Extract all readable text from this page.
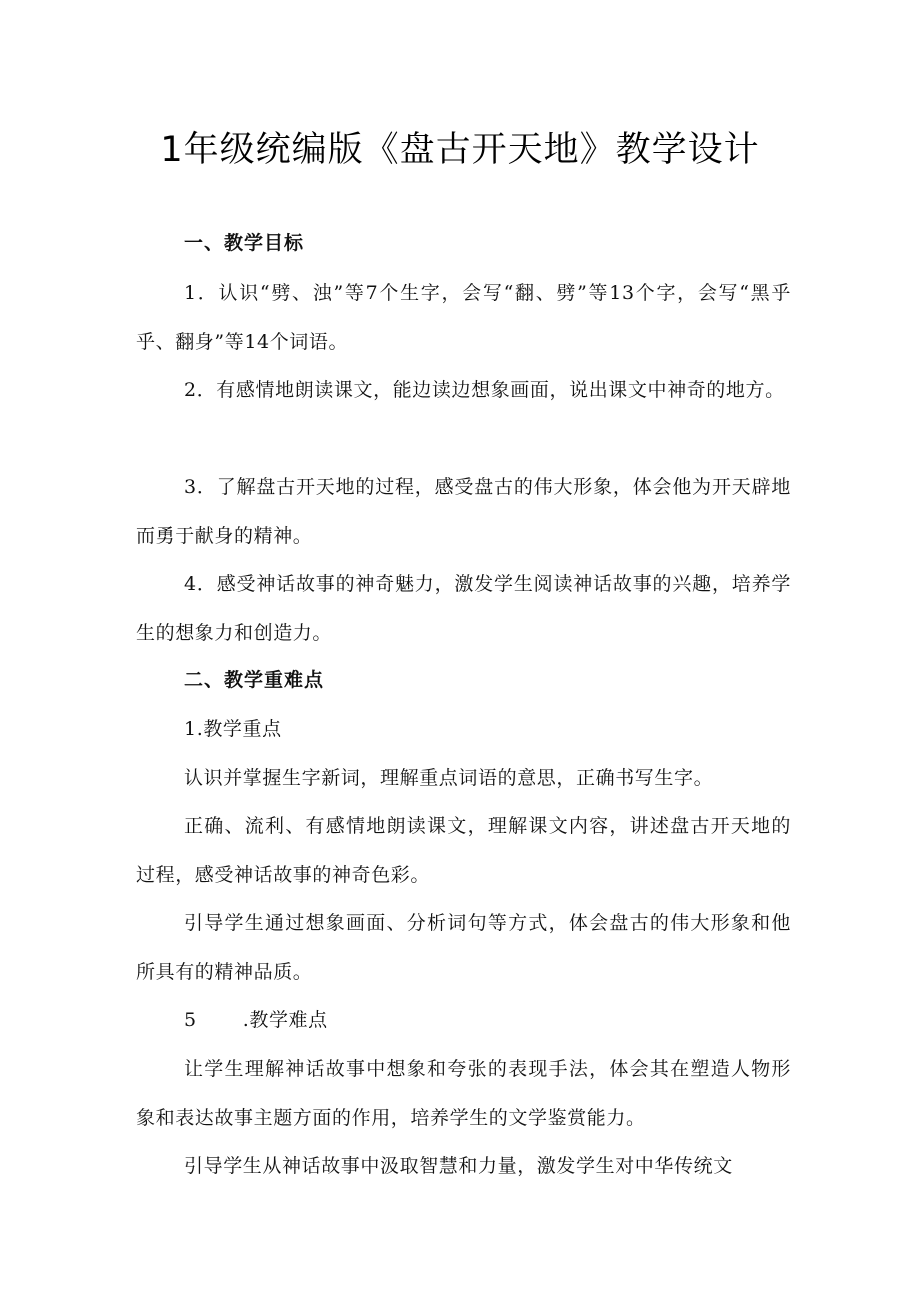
1年级统编版《盘古开天地》教学设计
一、教学目标

1．认识“劈、浊”等7个生字，会写“翻、劈”等13个字，会写“黑乎乎、翻身”等14个词语。

2．有感情地朗读课文，能边读边想象画面，说出课文中神奇的地方。

3．了解盘古开天地的过程，感受盘古的伟大形象，体会他为开天辟地而勇于献身的精神。

4．感受神话故事的神奇魅力，激发学生阅读神话故事的兴趣，培养学生的想象力和创造力。

二、教学重难点
1.教学重点

认识并掌握生字新词，理解重点词语的意思，正确书写生字。

正确、流利、有感情地朗读课文，理解课文内容，讲述盘古开天地的过程，感受神话故事的神奇色彩。

引导学生通过想象画面、分析词句等方式，体会盘古的伟大形象和他所具有的精神品质。

5 .教学难点

让学生理解神话故事中想象和夸张的表现手法，体会其在塑造人物形象和表达故事主题方面的作用，培养学生的文学鉴赏能力。

引导学生从神话故事中汲取智慧和力量，激发学生对中华传统文
